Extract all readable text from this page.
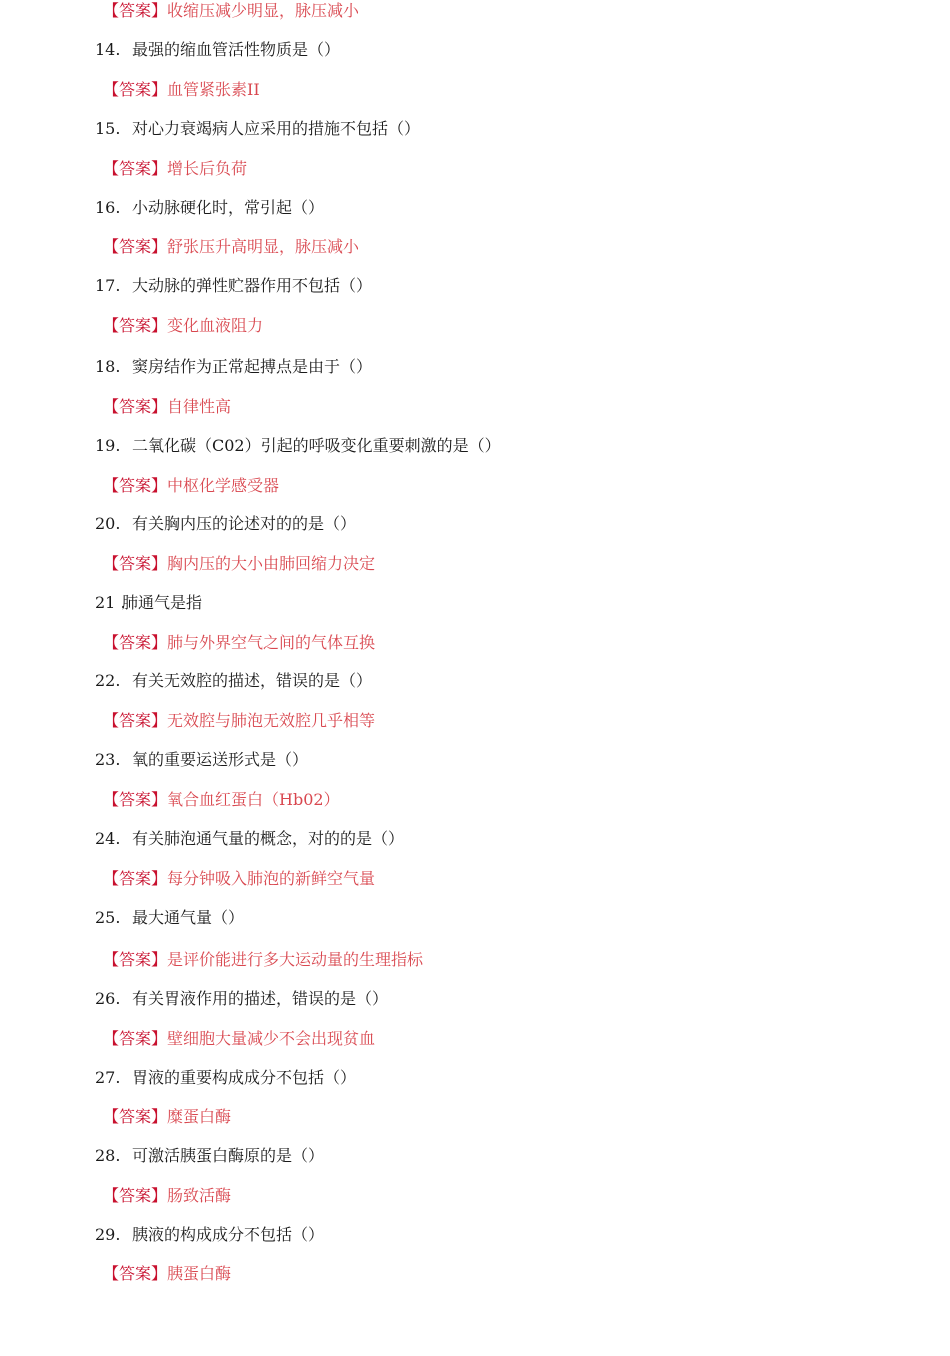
【答案】收缩压减少明显，脉压减小
14. 最强的缩血管活性物质是（）
【答案】血管紧张素II
15. 对心力衰竭病人应采用的措施不包括（）
【答案】增长后负荷
16. 小动脉硬化时，常引起（）
【答案】舒张压升高明显，脉压减小
17. 大动脉的弹性贮器作用不包括（）
【答案】变化血液阻力
18. 窦房结作为正常起搏点是由于（）
【答案】自律性高
19. 二氧化碳（C02）引起的呼吸变化重要刺激的是（）
【答案】中枢化学感受器
20. 有关胸内压的论述对的的是（）
【答案】胸内压的大小由肺回缩力决定
21 .肺通气是指
【答案】肺与外界空气之间的气体互换
22. 有关无效腔的描述，错误的是（）
【答案】无效腔与肺泡无效腔几乎相等
23. 氧的重要运送形式是（）
【答案】氧合血红蛋白（Hb02）
24. 有关肺泡通气量的概念，对的的是（）
【答案】每分钟吸入肺泡的新鲜空气量
25. 最大通气量（）
【答案】是评价能进行多大运动量的生理指标
26. 有关胃液作用的描述，错误的是（）
【答案】壁细胞大量减少不会出现贫血
27. 胃液的重要构成成分不包括（）
【答案】糜蛋白酶
28. 可激活胰蛋白酶原的是（）
【答案】肠致活酶
29. 胰液的构成成分不包括（）
【答案】胰蛋白酶
